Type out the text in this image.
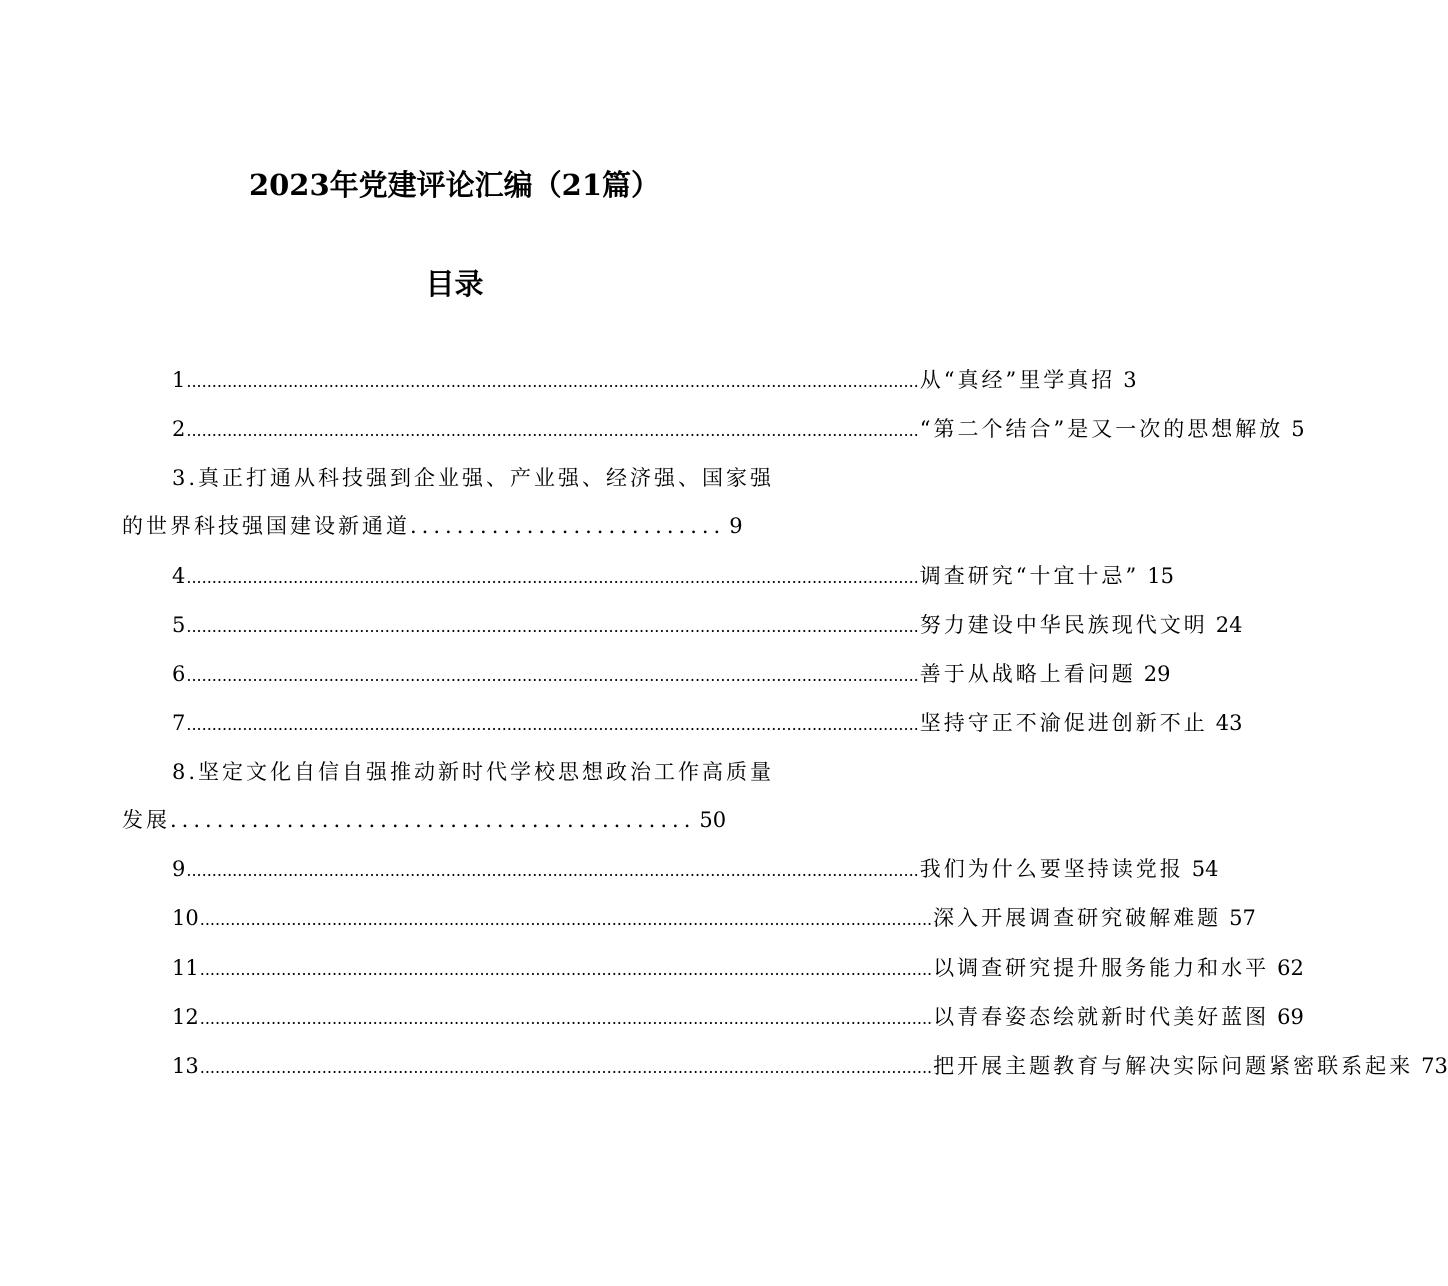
2023年党建评论汇编（21篇）
目录
1 ................................................................................................................................................ 从“真经”里学真招 3
2 ................................................................................................................................................ “第二个结合”是又一次的思想解放 5
3.真正打通从科技强到企业强、产业强、经济强、国家强
的世界科技强国建设新通道 ........................... 9
4 ................................................................................................................................................ 调查研究“十宜十忌” 15
5 ................................................................................................................................................ 努力建设中华民族现代文明 24
6 ................................................................................................................................................ 善于从战略上看问题 29
7 ................................................................................................................................................ 坚持守正不渝促进创新不止 43
8.坚定文化自信自强推动新时代学校思想政治工作高质量
发展 ............................................. 50
9 ................................................................................................................................................ 我们为什么要坚持读党报 54
10 ................................................................................................................................................ 深入开展调查研究破解难题 57
11 ................................................................................................................................................ 以调查研究提升服务能力和水平 62
12 ................................................................................................................................................ 以青春姿态绘就新时代美好蓝图 69
13 ................................................................................................................................................ 把开展主题教育与解决实际问题紧密联系起来 73
